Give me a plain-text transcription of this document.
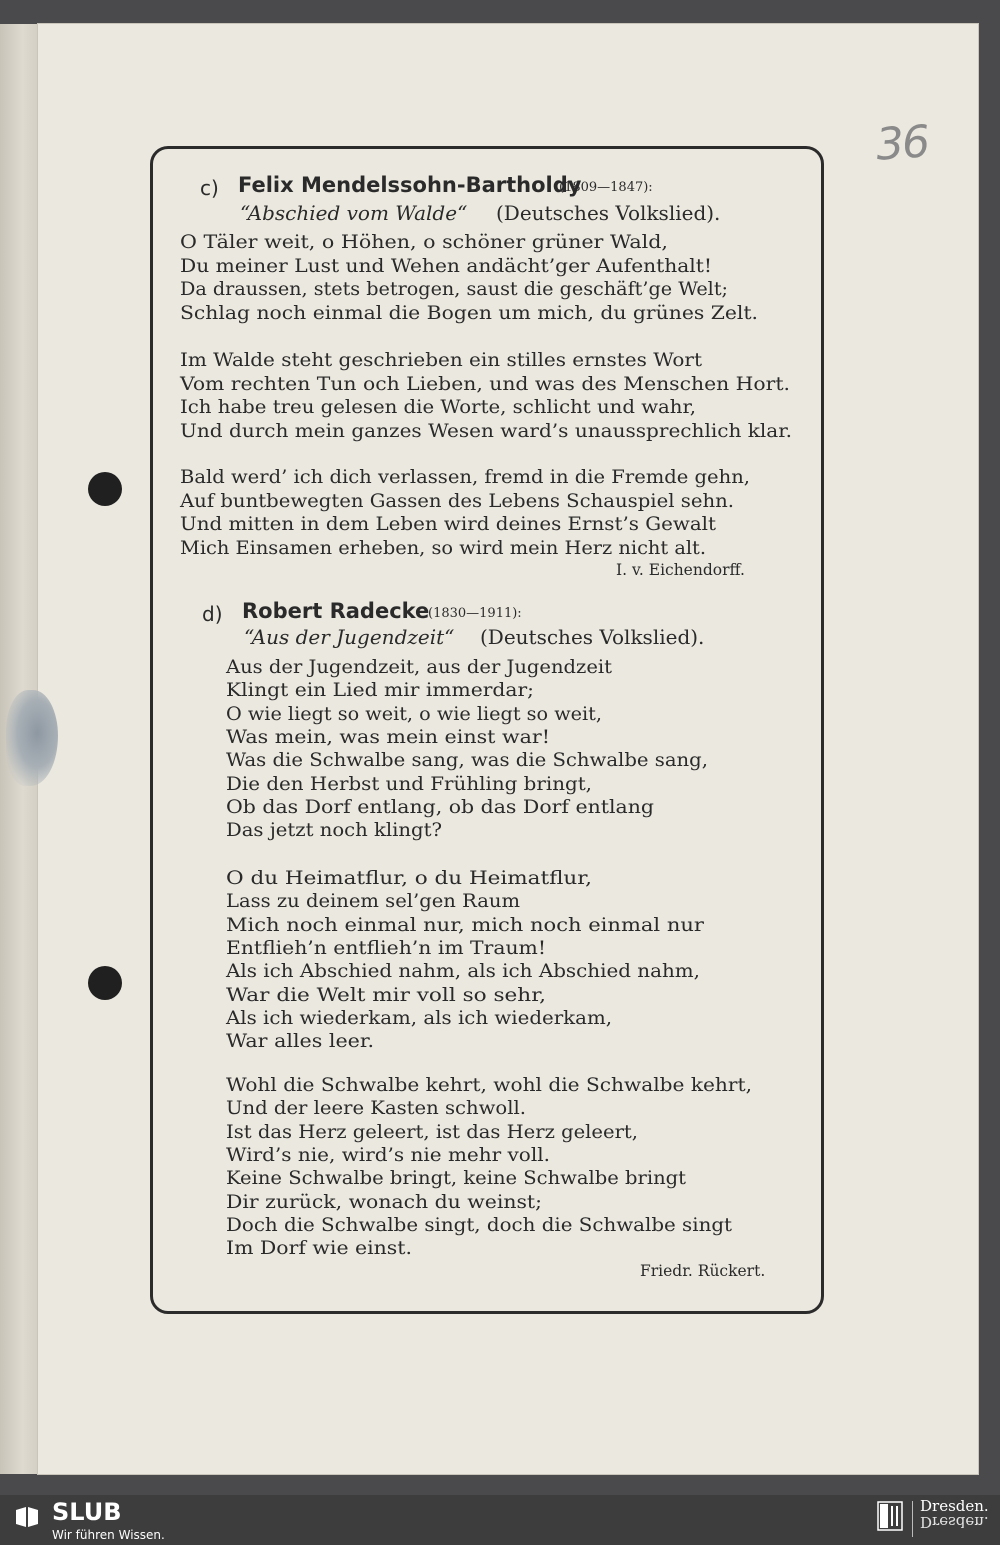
36
c) Felix Mendelssohn-Bartholdy
(1809—1847):
“Abschied vom Walde“ (Deutsches Volkslied).
O Täler weit, o Höhen, o schöner grüner Wald,
Du meiner Lust und Wehen andächt’ger Aufenthalt!
Da draussen, stets betrogen, saust die geschäft’ge Welt;
Schlag noch einmal die Bogen um mich, du grünes Zelt.
Im Walde steht geschrieben ein stilles ernstes Wort
Vom rechten Tun och Lieben, und was des Menschen Hort.
Ich habe treu gelesen die Worte, schlicht und wahr,
Und durch mein ganzes Wesen ward’s unaussprechlich klar.
Bald werd’ ich dich verlassen, fremd in die Fremde gehn,
Auf buntbewegten Gassen des Lebens Schauspiel sehn.
Und mitten in dem Leben wird deines Ernst’s Gewalt
Mich Einsamen erheben, so wird mein Herz nicht alt.
I. v. Eichendorff.
d) Robert Radecke
(1830—1911):
“Aus der Jugendzeit“ (Deutsches Volkslied).
Aus der Jugendzeit, aus der Jugendzeit
Klingt ein Lied mir immerdar;
O wie liegt so weit, o wie liegt so weit,
Was mein, was mein einst war!
Was die Schwalbe sang, was die Schwalbe sang,
Die den Herbst und Frühling bringt,
Ob das Dorf entlang, ob das Dorf entlang
Das jetzt noch klingt?
O du Heimatflur, o du Heimatflur,
Lass zu deinem sel’gen Raum
Mich noch einmal nur, mich noch einmal nur
Entflieh’n entflieh’n im Traum!
Als ich Abschied nahm, als ich Abschied nahm,
War die Welt mir voll so sehr,
Als ich wiederkam, als ich wiederkam,
War alles leer.
Wohl die Schwalbe kehrt, wohl die Schwalbe kehrt,
Und der leere Kasten schwoll.
Ist das Herz geleert, ist das Herz geleert,
Wird’s nie, wird’s nie mehr voll.
Keine Schwalbe bringt, keine Schwalbe bringt
Dir zurück, wonach du weinst;
Doch die Schwalbe singt, doch die Schwalbe singt
Im Dorf wie einst.
Friedr. Rückert.
SLUB
Wir führen Wissen.
Dresden.
Dresden.
